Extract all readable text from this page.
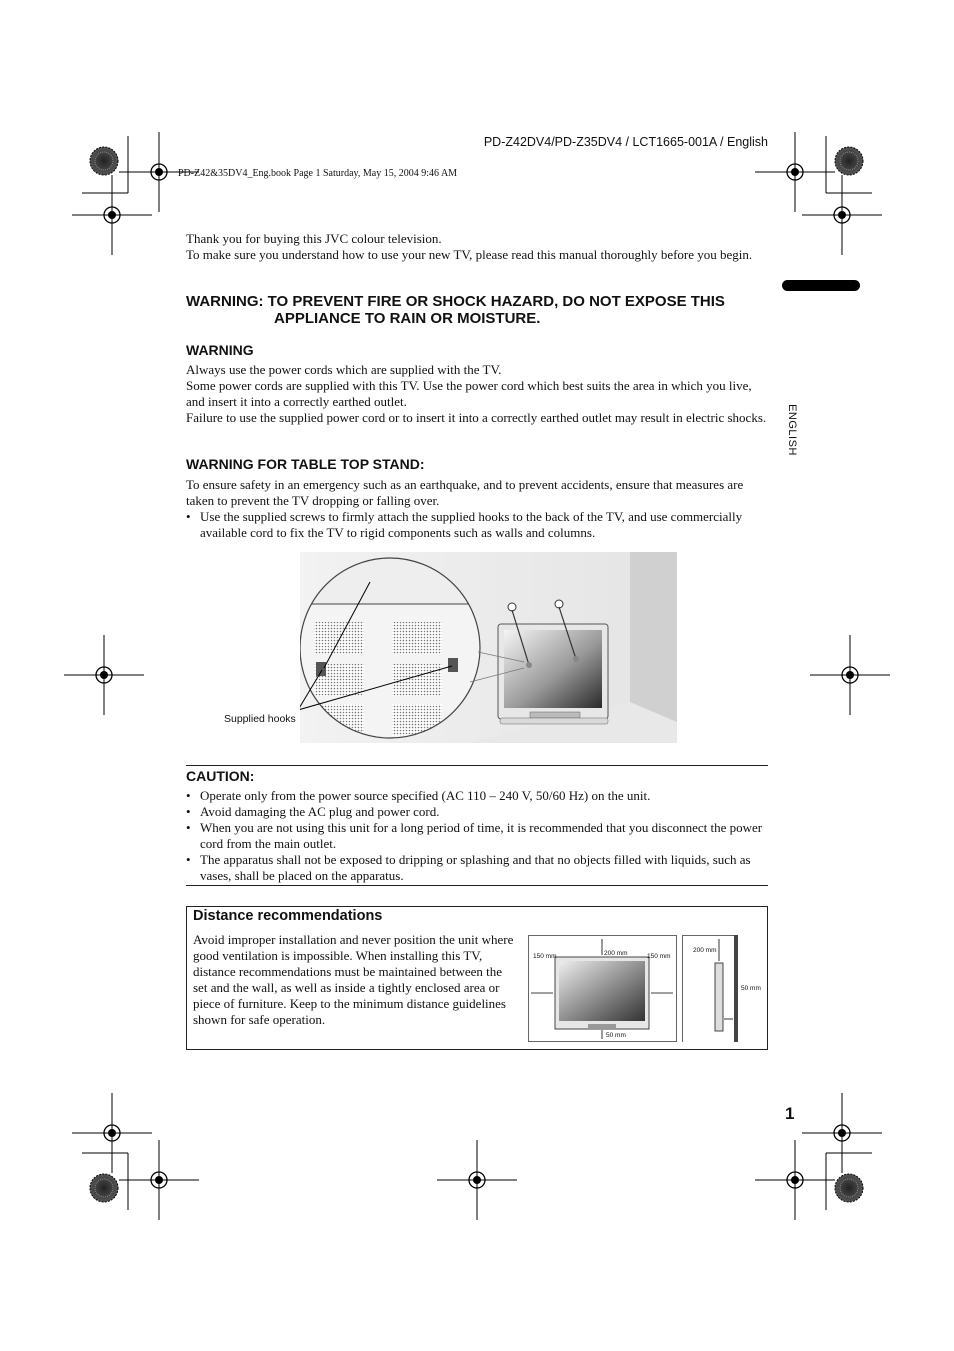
PD-Z42DV4/PD-Z35DV4 / LCT1665-001A / English
PD-Z42&35DV4_Eng.book Page 1 Saturday, May 15, 2004 9:46 AM
ENGLISH
Thank you for buying this JVC colour television.
To make sure you understand how to use your new TV, please read this manual thoroughly before you begin.
WARNING: TO PREVENT FIRE OR SHOCK HAZARD, DO NOT EXPOSE THIS
APPLIANCE TO RAIN OR MOISTURE.
WARNING
Always use the power cords which are supplied with the TV.
Some power cords are supplied with this TV. Use the power cord which best suits the area in which you live, and insert it into a correctly earthed outlet.
Failure to use the supplied power cord or to insert it into a correctly earthed outlet may result in electric shocks.
WARNING FOR TABLE TOP STAND:
To ensure safety in an emergency such as an earthquake, and to prevent accidents, ensure that measures are taken to prevent the TV dropping or falling over.
• Use the supplied screws to firmly attach the supplied hooks to the back of the TV, and use commercially available cord to fix the TV to rigid components such as walls and columns.
Supplied hooks
CAUTION:
• Operate only from the power source specified (AC 110 – 240 V, 50/60 Hz) on the unit.
• Avoid damaging the AC plug and power cord.
• When you are not using this unit for a long period of time, it is recommended that you disconnect the power cord from the main outlet.
• The apparatus shall not be exposed to dripping or splashing and that no objects filled with liquids, such as vases, shall be placed on the apparatus.
Distance recommendations
Avoid improper installation and never position the unit where good ventilation is impossible. When installing this TV, distance recommendations must be maintained between the set and the wall, as well as inside a tightly enclosed area or piece of furniture. Keep to the minimum distance guidelines shown for safe operation.
150 mm	200 mm	150 mm
50 mm
200 mm
50 mm
1
